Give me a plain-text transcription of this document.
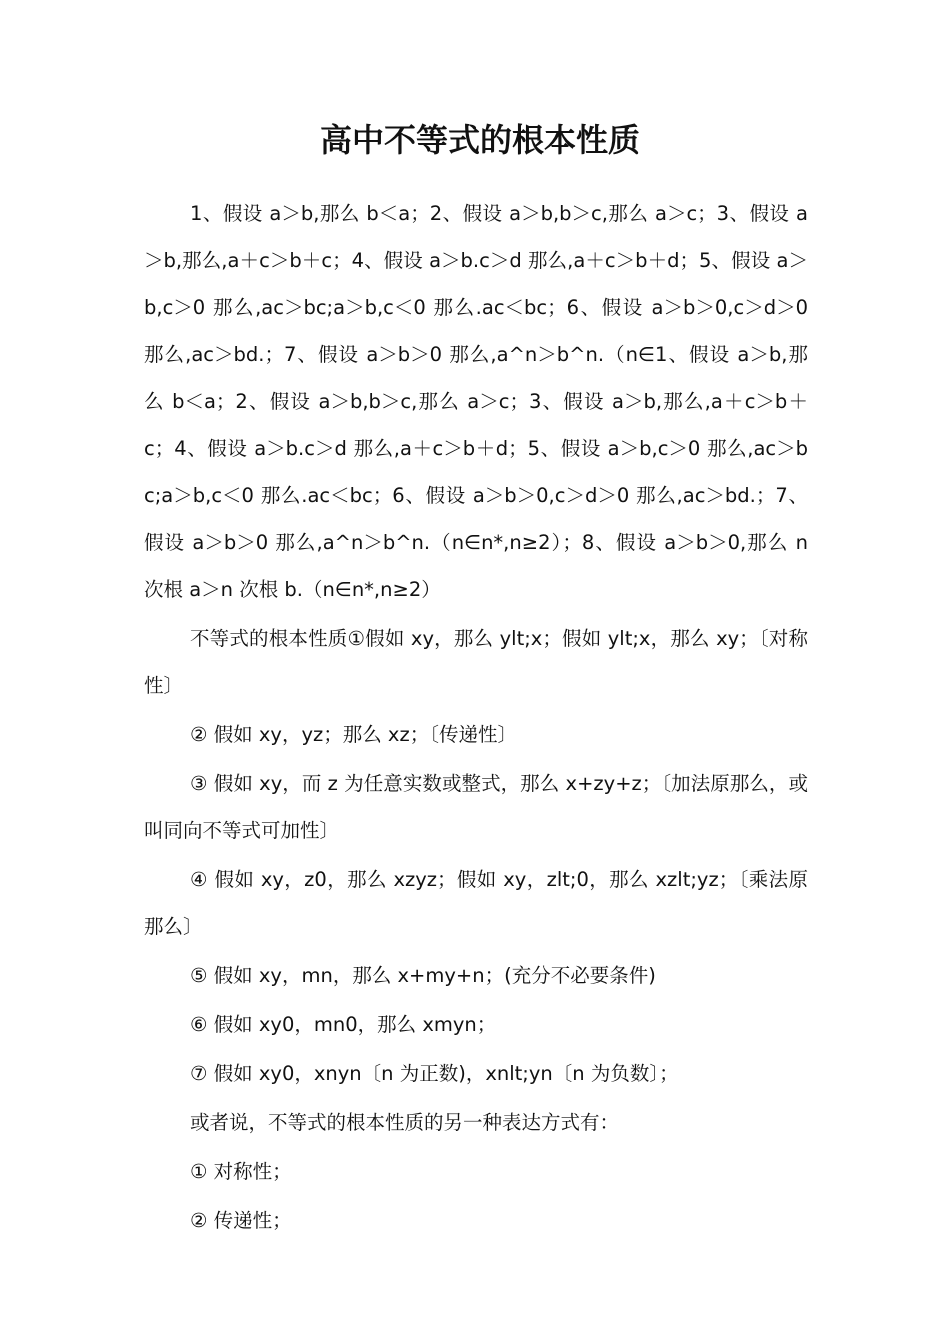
高中不等式的根本性质

1、假设 a＞b,那么 b＜a；2、假设 a＞b,b＞c,那么 a＞c；3、假设 a＞b,那么,a＋c＞b＋c；4、假设 a＞b.c＞d 那么,a＋c＞b＋d；5、假设 a＞b,c＞0 那么,ac＞bc;a＞b,c＜0 那么.ac＜bc；6、假设 a＞b＞0,c＞d＞0 那么,ac＞bd.；7、假设 a＞b＞0 那么,a^n＞b^n.（n∈1、假设 a＞b,那么 b＜a；2、假设 a＞b,b＞c,那么 a＞c；3、假设 a＞b,那么,a＋c＞b＋c；4、假设 a＞b.c＞d 那么,a＋c＞b＋d；5、假设 a＞b,c＞0 那么,ac＞bc;a＞b,c＜0 那么.ac＜bc；6、假设 a＞b＞0,c＞d＞0 那么,ac＞bd.；7、假设 a＞b＞0 那么,a^n＞b^n.（n∈n*,n≥2）；8、假设 a＞b＞0,那么 n 次根 a＞n 次根 b.（n∈n*,n≥2）

不等式的根本性质①假如 xy，那么 ylt;x；假如 ylt;x，那么 xy；〔对称性〕

② 假如 xy，yz；那么 xz；〔传递性〕

③ 假如 xy，而 z 为任意实数或整式，那么 x+zy+z；〔加法原那么，或叫同向不等式可加性〕

④ 假如 xy，z0，那么 xzyz；假如 xy，zlt;0，那么 xzlt;yz；〔乘法原那么〕

⑤ 假如 xy，mn，那么 x+my+n；(充分不必要条件)

⑥ 假如 xy0，mn0，那么 xmyn；

⑦ 假如 xy0，xnyn〔n 为正数)，xnlt;yn〔n 为负数〕；

或者说，不等式的根本性质的另一种表达方式有：

① 对称性；

② 传递性；
